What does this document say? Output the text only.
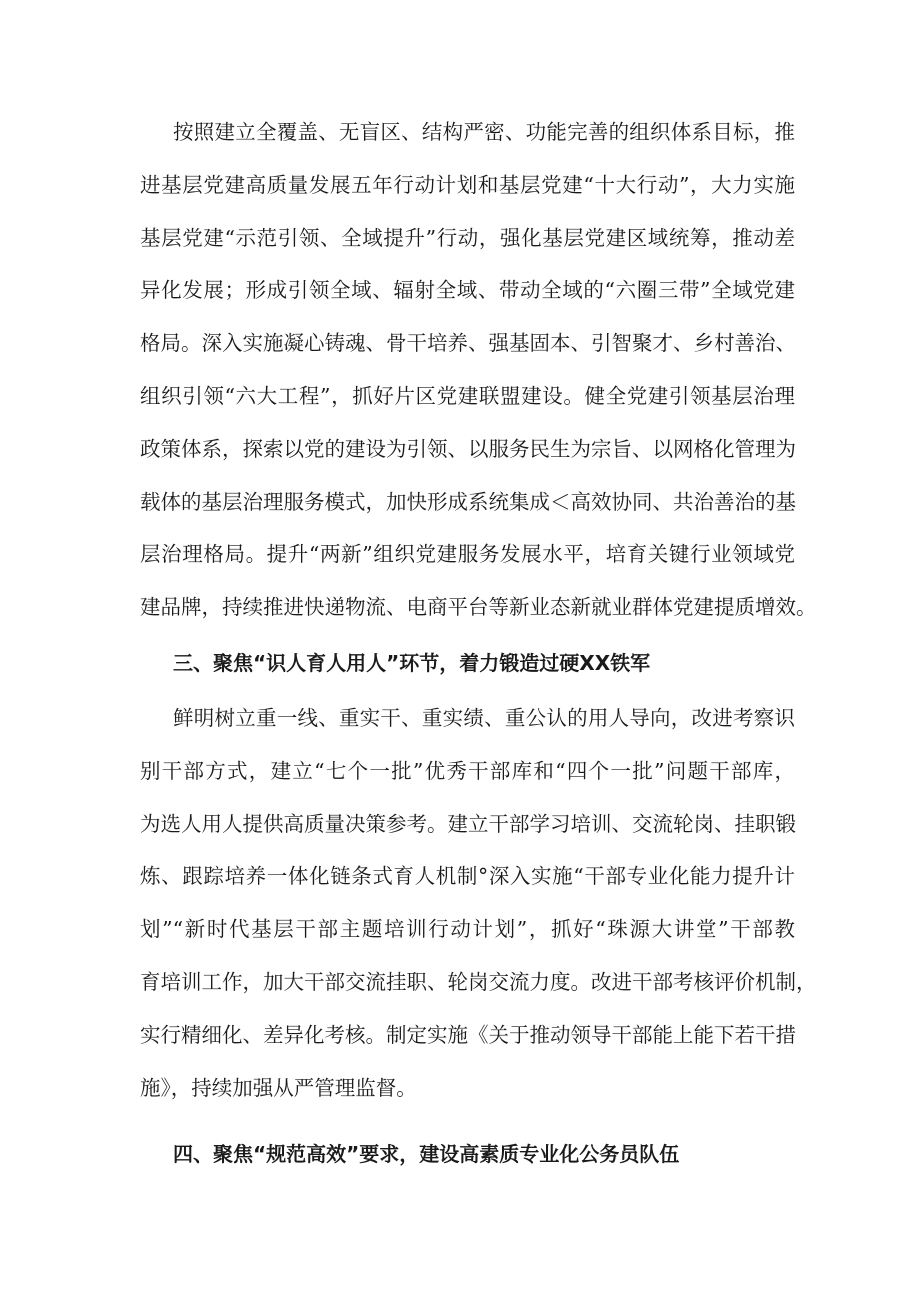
按照建立全覆盖、无盲区、结构严密、功能完善的组织体系目标，推
进基层党建高质量发展五年行动计划和基层党建“十大行动”，大力实施
基层党建“示范引领、全域提升”行动，强化基层党建区域统筹，推动差
异化发展；形成引领全域、辐射全域、带动全域的“六圈三带”全域党建
格局。深入实施凝心铸魂、骨干培养、强基固本、引智聚才、乡村善治、
组织引领“六大工程”，抓好片区党建联盟建设。健全党建引领基层治理
政策体系，探索以党的建设为引领、以服务民生为宗旨、以网格化管理为
载体的基层治理服务模式，加快形成系统集成＜高效协同、共治善治的基
层治理格局。提升“两新”组织党建服务发展水平，培育关键行业领域党
建品牌，持续推进快递物流、电商平台等新业态新就业群体党建提质增效。
三、聚焦“识人育人用人”环节，着力锻造过硬XX铁军
鲜明树立重一线、重实干、重实绩、重公认的用人导向，改进考察识
别干部方式，建立“七个一批”优秀干部库和“四个一批”问题干部库，
为选人用人提供高质量决策参考。建立干部学习培训、交流轮岗、挂职锻
炼、跟踪培养一体化链条式育人机制°深入实施“干部专业化能力提升计
划”“新时代基层干部主题培训行动计划”，抓好“珠源大讲堂”干部教
育培训工作，加大干部交流挂职、轮岗交流力度。改进干部考核评价机制，
实行精细化、差异化考核。制定实施《关于推动领导干部能上能下若干措
施》，持续加强从严管理监督。
四、聚焦“规范高效”要求，建设高素质专业化公务员队伍
